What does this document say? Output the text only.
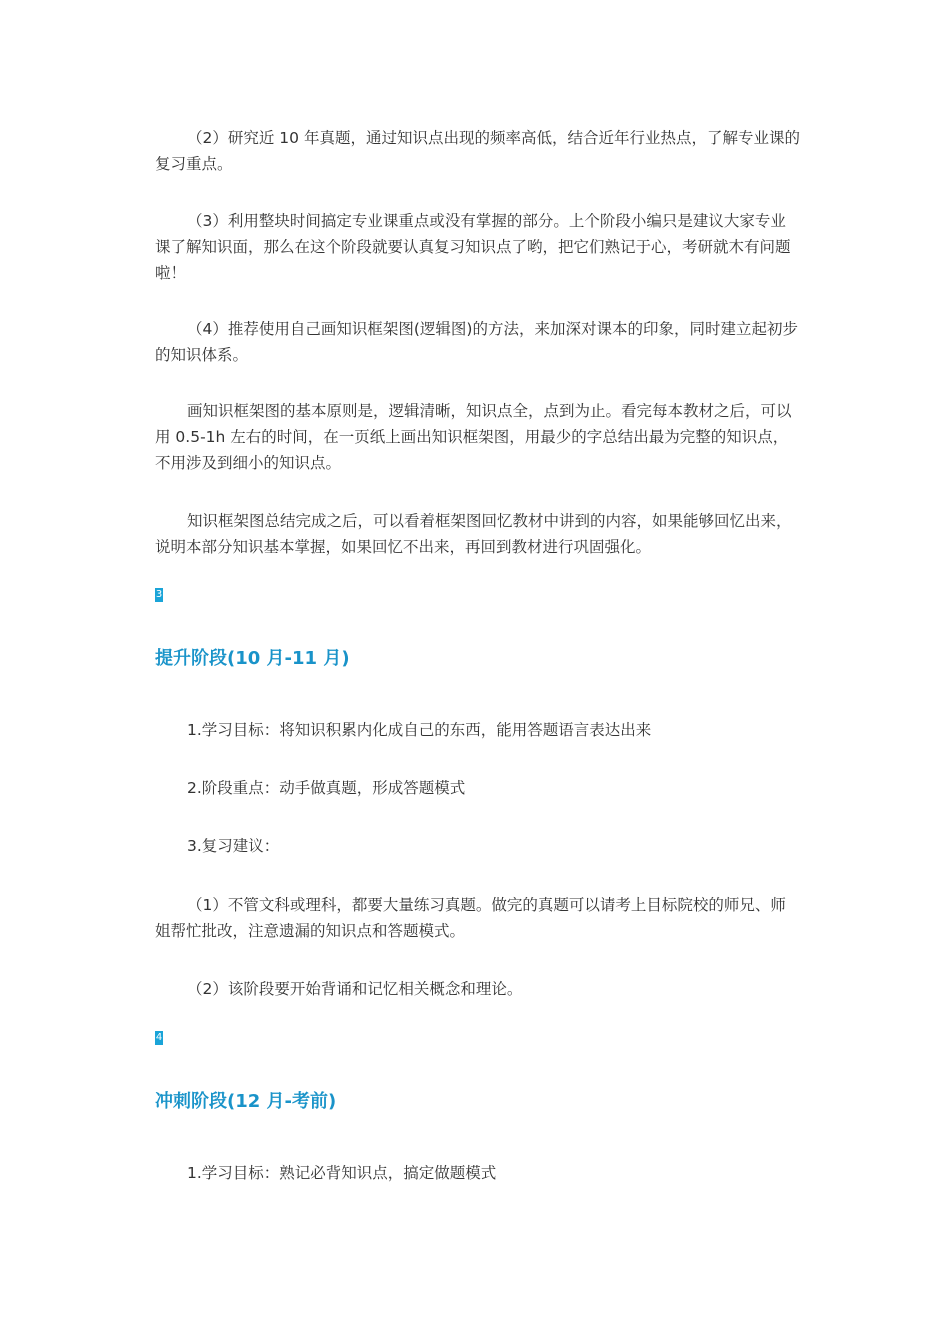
（2）研究近 10 年真题，通过知识点出现的频率高低，结合近年行业热点，了解专业课的复习重点。

（3）利用整块时间搞定专业课重点或没有掌握的部分。上个阶段小编只是建议大家专业课了解知识面，那么在这个阶段就要认真复习知识点了哟，把它们熟记于心，考研就木有问题啦！

（4）推荐使用自己画知识框架图(逻辑图)的方法，来加深对课本的印象，同时建立起初步的知识体系。

画知识框架图的基本原则是，逻辑清晰，知识点全，点到为止。看完每本教材之后，可以用 0.5-1h 左右的时间，在一页纸上画出知识框架图，用最少的字总结出最为完整的知识点，不用涉及到细小的知识点。

知识框架图总结完成之后，可以看着框架图回忆教材中讲到的内容，如果能够回忆出来，说明本部分知识基本掌握，如果回忆不出来，再回到教材进行巩固强化。

3
提升阶段(10 月-11 月)

1.学习目标：将知识积累内化成自己的东西，能用答题语言表达出来

2.阶段重点：动手做真题，形成答题模式

3.复习建议：

（1）不管文科或理科，都要大量练习真题。做完的真题可以请考上目标院校的师兄、师姐帮忙批改，注意遗漏的知识点和答题模式。

（2）该阶段要开始背诵和记忆相关概念和理论。

4
冲刺阶段(12 月-考前)

1.学习目标：熟记必背知识点，搞定做题模式
